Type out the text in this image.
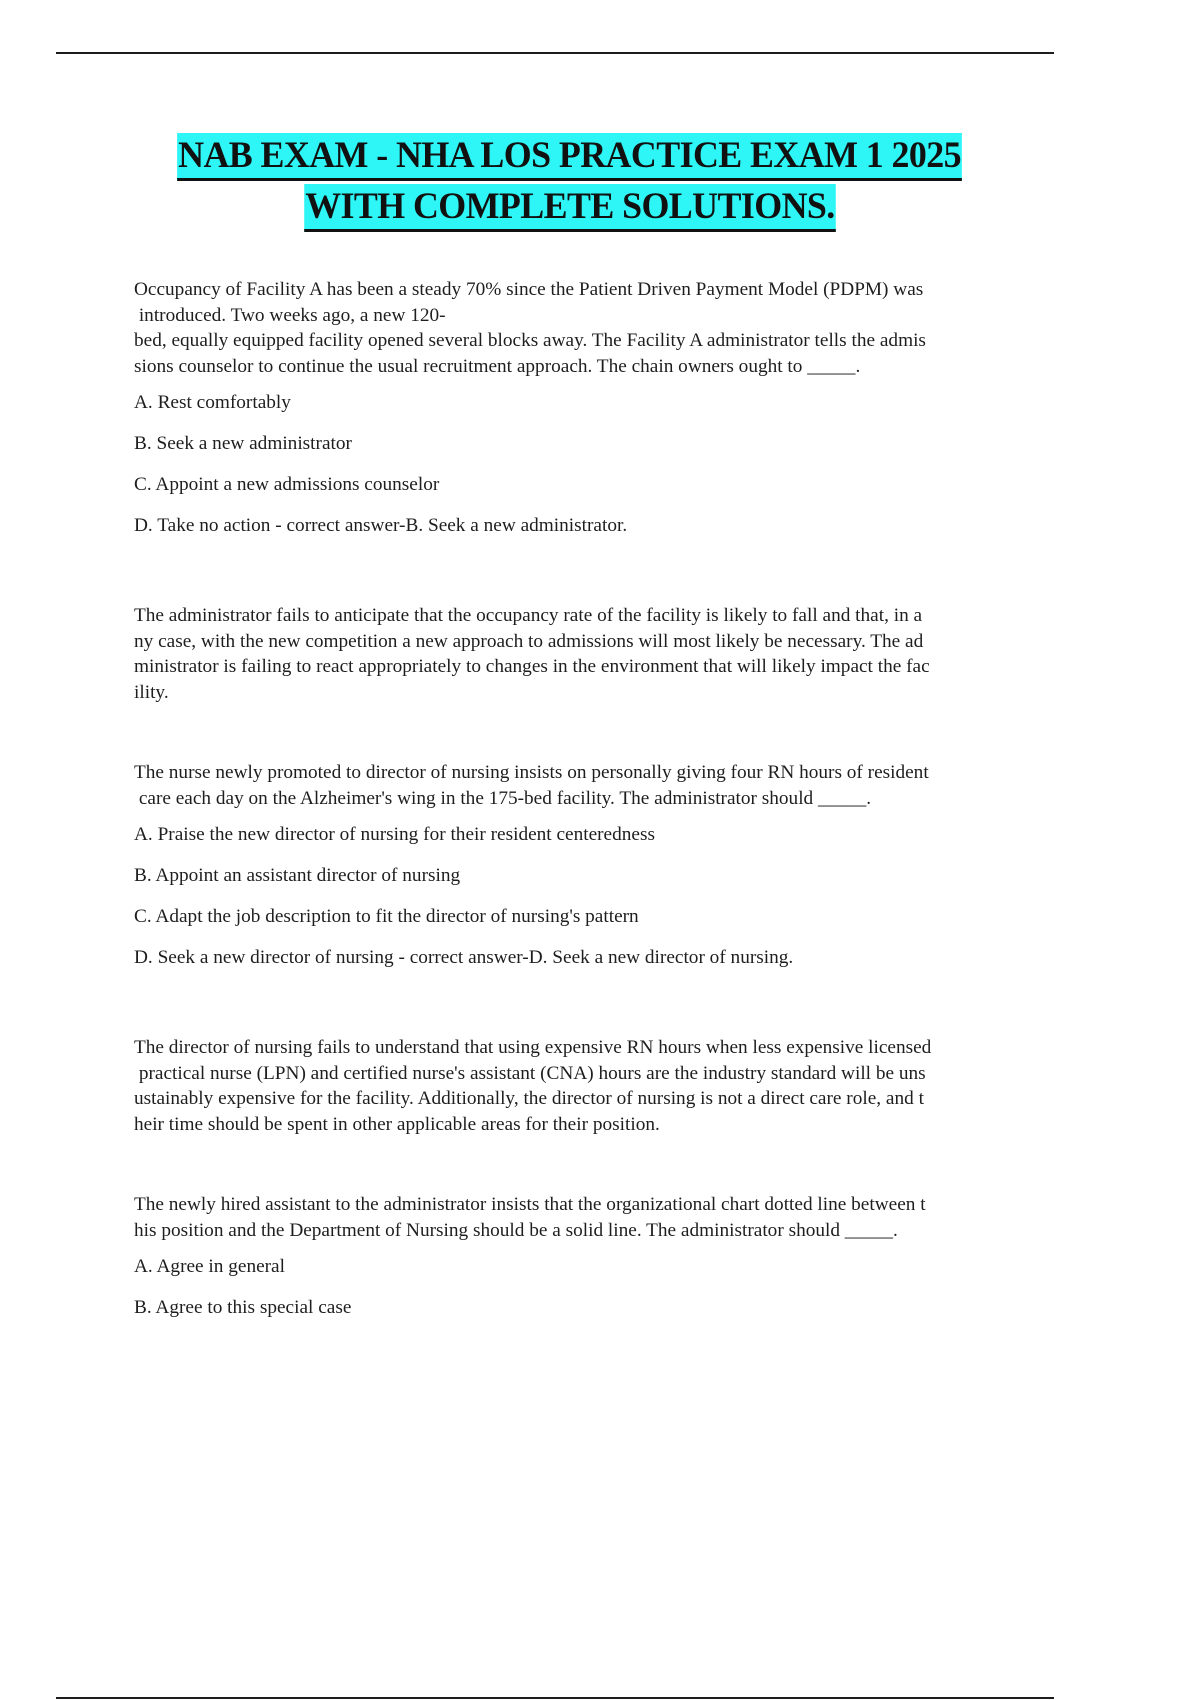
NAB EXAM - NHA LOS PRACTICE EXAM 1 2025
WITH COMPLETE SOLUTIONS.
Occupancy of Facility A has been a steady 70% since the Patient Driven Payment Model (PDPM) was
introduced. Two weeks ago, a new 120-
bed, equally equipped facility opened several blocks away. The Facility A administrator tells the admis
sions counselor to continue the usual recruitment approach. The chain owners ought to _____.
A. Rest comfortably
B. Seek a new administrator
C. Appoint a new admissions counselor
D. Take no action - correct answer-B. Seek a new administrator.
The administrator fails to anticipate that the occupancy rate of the facility is likely to fall and that, in a
ny case, with the new competition a new approach to admissions will most likely be necessary. The ad
ministrator is failing to react appropriately to changes in the environment that will likely impact the fac
ility.
The nurse newly promoted to director of nursing insists on personally giving four RN hours of resident
care each day on the Alzheimer's wing in the 175-bed facility. The administrator should _____.
A. Praise the new director of nursing for their resident centeredness
B. Appoint an assistant director of nursing
C. Adapt the job description to fit the director of nursing's pattern
D. Seek a new director of nursing - correct answer-D. Seek a new director of nursing.
The director of nursing fails to understand that using expensive RN hours when less expensive licensed
practical nurse (LPN) and certified nurse's assistant (CNA) hours are the industry standard will be uns
ustainably expensive for the facility. Additionally, the director of nursing is not a direct care role, and t
heir time should be spent in other applicable areas for their position.
The newly hired assistant to the administrator insists that the organizational chart dotted line between t
his position and the Department of Nursing should be a solid line. The administrator should _____.
A. Agree in general
B. Agree to this special case
